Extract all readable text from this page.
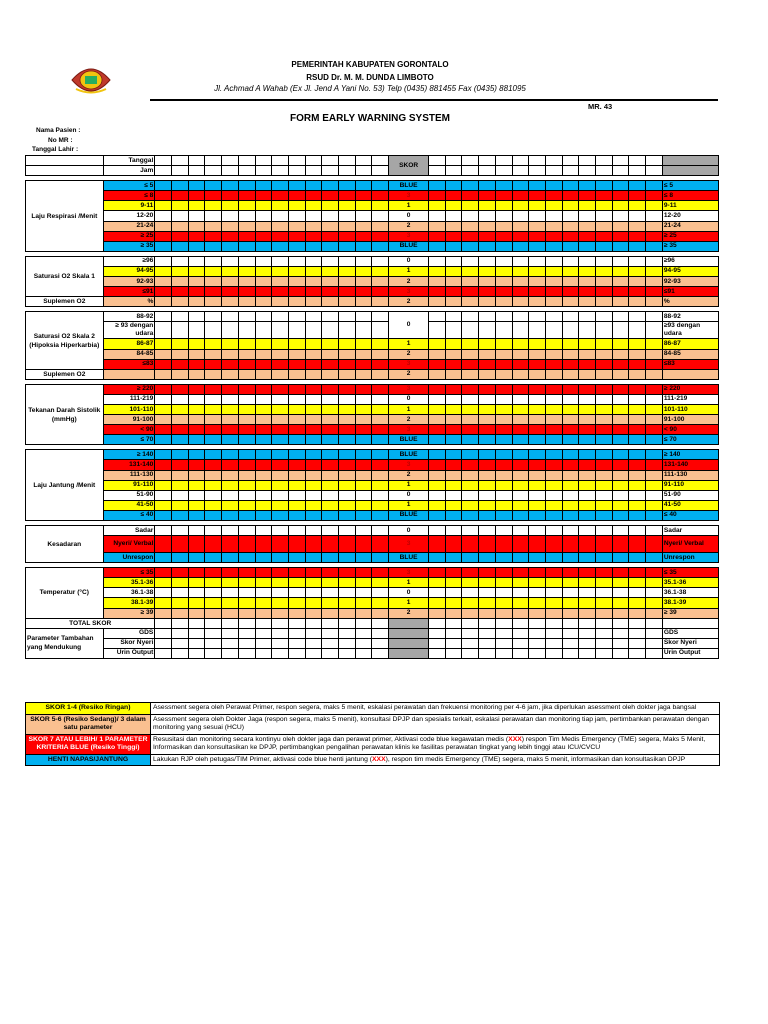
PEMERINTAH KABUPATEN GORONTALO
RSUD Dr. M. M. DUNDA LIMBOTO
Jl. Achmad A Wahab (Ex Jl. Jend A Yani No. 53) Telp (0435) 881455 Fax (0435) 881095
MR. 43
FORM EARLY WARNING SYSTEM
Nama Pasien :
No MR :
Tanggal Lahir :
	Tanggal															SKOR															
	Jam																														

Laju Respirasi /Menit	≤ 5															BLUE															≤ 5
	≤ 8															3															≤ 8
	9-11															1															9-11
	12-20															0															12-20
	21-24															2															21-24
	≥ 25															3															≥ 25
	≥ 35															BLUE															≥ 35

Saturasi O2 Skala 1	≥96															0															≥96
	94-95															1															94-95
	92-93															2															92-93
	≤91															3															≤91
Suplemen O2	%															2															%

Saturasi O2 Skala 2 (Hipoksia Hiperkarbia)	88-92															0															88-92
	≥ 93 dengan udara																														≥93 dengan udara
	86-87															1															86-87
	84-85															2															84-85
	≤83															3															≤83
Suplemen O2																2															

Tekanan Darah Sistolik (mmHg)	≥ 220															3															≥ 220
	111-219															0															111-219
	101-110															1															101-110
	91-100															2															91-100
	< 90															3															< 90
	≤ 70															BLUE															≤ 70

Laju Jantung /Menit	≥ 140															BLUE															≥ 140
	131-140															3															131-140
	111-130															2															111-130
	91-110															1															91-110
	51-90															0															51-90
	41-50															1															41-50
	≤ 40															BLUE															≤ 40

Kesadaran	Sadar															0															Sadar
	Nyeri/ Verbal															3															Nyeri/ Verbal
	Unrespon															BLUE															Unrespon

Temperatur (°C)	≤ 35															3															≤ 35
	35.1-36															1															35.1-36
	36.1-38															0															36.1-38
	38.1-39															1															38.1-39
	≥ 39															2															≥ 39
TOTAL SKOR																															
Parameter Tambahan yang Mendukung	GDS																														GDS
	Skor Nyeri																														Skor Nyeri
	Urin Output																														Urin Output
SKOR 1-4 (Resiko Ringan)	Asessment segera oleh Perawat Primer, respon segera, maks 5 menit, eskalasi perawatan dan frekuensi monitoring per 4-6 jam, jika diperlukan asessment oleh dokter jaga bangsal
SKOR 5-6 (Resiko Sedang)/ 3 dalam satu parameter	Asessment segera oleh Dokter Jaga (respon segera, maks 5 menit), konsultasi DPJP dan spesialis terkait, eskalasi perawatan dan monitoring tiap jam, pertimbankan perawatan dengan monitoring yang sesuai (HCU)
SKOR 7 ATAU LEBIH/ 1 PARAMETER KRITERIA BLUE (Resiko Tinggi)	Resusitasi dan monitoring secara kontinyu oleh dokter jaga dan perawat primer, Aktivasi code blue kegawatan medis (XXX) respon Tim Medis Emergency (TME) segera, Maks 5 Menit, Informasikan dan konsultasikan ke DPJP, pertimbangkan pengalihan perawatan klinis ke fasilitas perawatan tingkat yang lebih tinggi atau ICU/CVCU
HENTI NAPAS/JANTUNG	Lakukan RJP oleh petugas/TIM Primer, aktivasi code blue henti jantung (XXX), respon tim medis Emergency (TME) segera, maks 5 menit, informasikan dan konsultasikan DPJP
